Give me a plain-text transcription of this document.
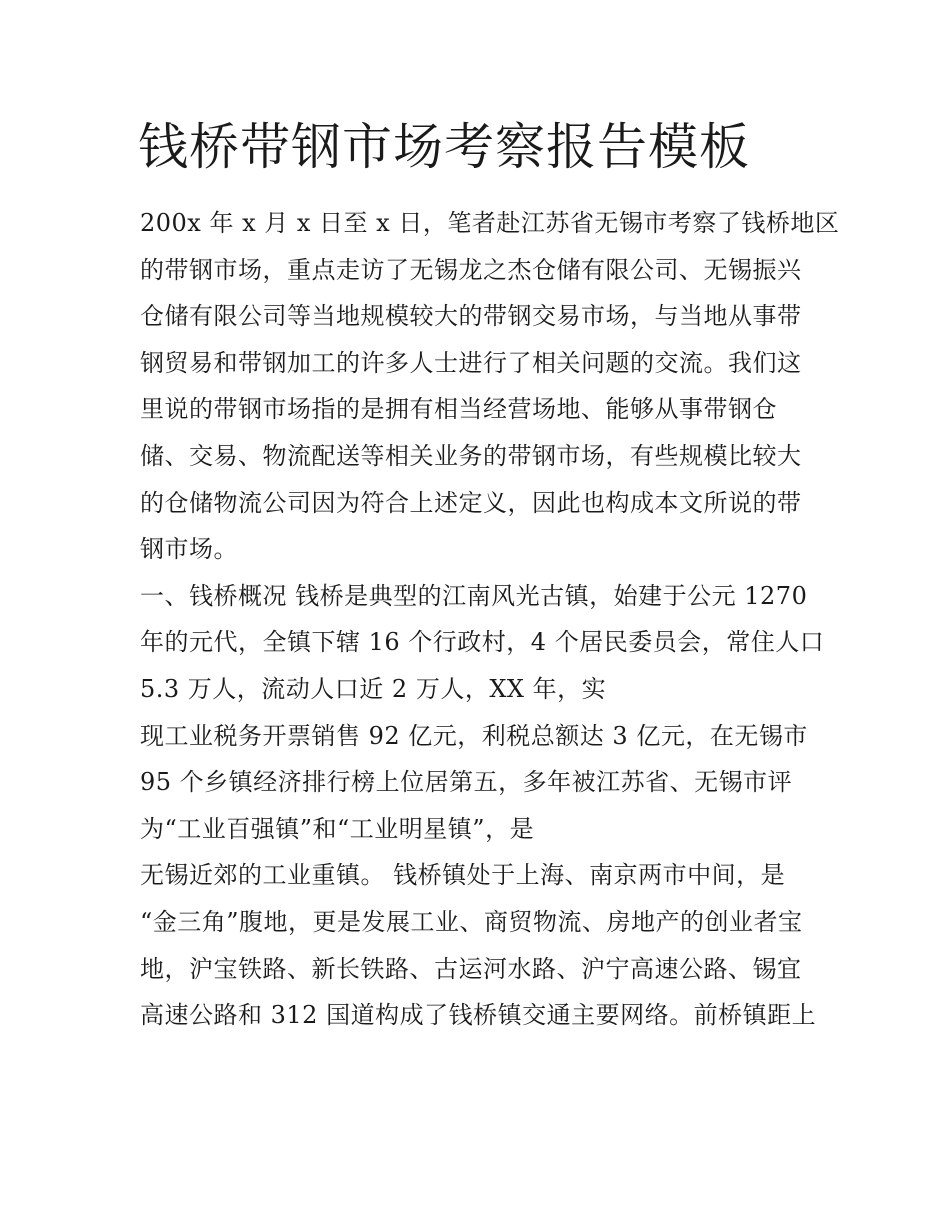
钱桥带钢市场考察报告模板
200x 年 x 月 x 日至 x 日，笔者赴江苏省无锡市考察了钱桥地区
的带钢市场，重点走访了无锡龙之杰仓储有限公司、无锡振兴
仓储有限公司等当地规模较大的带钢交易市场，与当地从事带
钢贸易和带钢加工的许多人士进行了相关问题的交流。我们这
里说的带钢市场指的是拥有相当经营场地、能够从事带钢仓
储、交易、物流配送等相关业务的带钢市场，有些规模比较大
的仓储物流公司因为符合上述定义，因此也构成本文所说的带
钢市场。
一、钱桥概况 钱桥是典型的江南风光古镇，始建于公元 1270
年的元代，全镇下辖 16 个行政村，4 个居民委员会，常住人口
5.3 万人，流动人口近 2 万人，XX 年，实
现工业税务开票销售 92 亿元，利税总额达 3 亿元，在无锡市
95 个乡镇经济排行榜上位居第五，多年被江苏省、无锡市评
为“工业百强镇”和“工业明星镇”，是
无锡近郊的工业重镇。 钱桥镇处于上海、南京两市中间，是
“金三角”腹地，更是发展工业、商贸物流、房地产的创业者宝
地，沪宝铁路、新长铁路、古运河水路、沪宁高速公路、锡宜
高速公路和 312 国道构成了钱桥镇交通主要网络。前桥镇距上
